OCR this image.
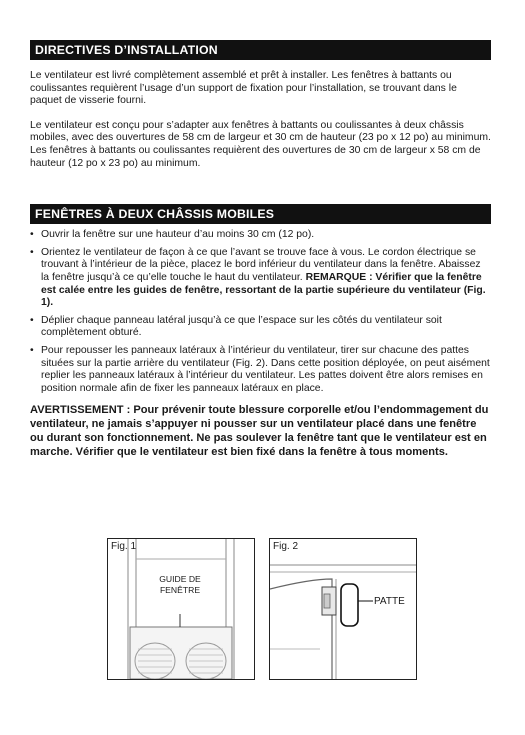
DIRECTIVES D’INSTALLATION

Le ventilateur est livré complètement assemblé et prêt à installer. Les fenêtres à battants ou coulissantes requièrent l’usage d’un support de fixation pour l’installation, se trouvant dans le paquet de visserie fourni.

Le ventilateur est conçu pour s’adapter aux fenêtres à battants ou coulissantes à deux châssis mobiles, avec des ouvertures de 58 cm de largeur et 30 cm de hauteur (23 po x 12 po) au minimum. Les fenêtres à battants ou coulissantes requièrent des ouvertures de 30 cm de largeur x 58 cm de hauteur (12 po x 23 po) au minimum.

FENÊTRES À DEUX CHÂSSIS MOBILES
• Ouvrir la fenêtre sur une hauteur d’au moins 30 cm (12 po).
• Orientez le ventilateur de façon à ce que l’avant se trouve face à vous. Le cordon électrique se trouvant à l’intérieur de la pièce, placez le bord inférieur du ventilateur dans la fenêtre. Abaissez la fenêtre jusqu’à ce qu’elle touche le haut du ventilateur. REMARQUE : Vérifier que la fenêtre est calée entre les guides de fenêtre, ressortant de la partie supérieure du ventilateur (Fig. 1).
• Déplier chaque panneau latéral jusqu’à ce que l’espace sur les côtés du ventilateur soit complètement obturé.
• Pour repousser les panneaux latéraux à l’intérieur du ventilateur, tirer sur chacune des pattes situées sur la partie arrière du ventilateur (Fig. 2). Dans cette position déployée, on peut aisément replier les panneaux latéraux à l’intérieur du ventilateur. Les pattes doivent être alors remises en position normale afin de fixer les panneaux latéraux en place.

AVERTISSEMENT : Pour prévenir toute blessure corporelle et/ou l’endommagement du ventilateur, ne jamais s’appuyer ni pousser sur un ventilateur placé dans une fenêtre ou durant son fonctionnement. Ne pas soulever la fenêtre tant que le ventilateur est en marche. Vérifier que le ventilateur est bien fixé dans la fenêtre à tous moments.

Fig. 1
GUIDE DE
FENÊTRE
Fig. 2
PATTE
